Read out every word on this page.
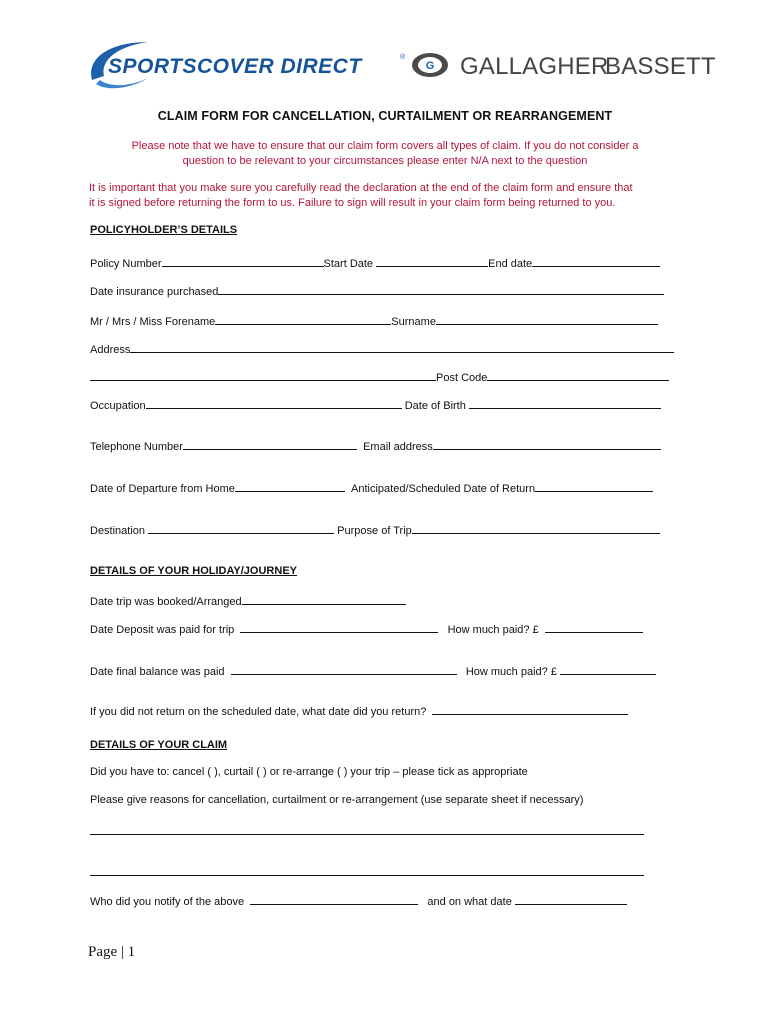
SPORTSCOVER DIRECT	®
G GALLAGHER
BASSETT
CLAIM FORM FOR CANCELLATION, CURTAILMENT OR REARRANGEMENT
Please note that we have to ensure that our claim form covers all types of claim. If you do not consider a
question to be relevant to your circumstances please enter N/A next to the question
It is important that you make sure you carefully read the declaration at the end of the claim form and ensure that
it is signed before returning the form to us. Failure to sign will result in your claim form being returned to you.
POLICYHOLDER’S DETAILS
Policy Number	Start Date	End date
Date insurance purchased
Mr / Mrs / Miss Forename	Surname
Address
Post Code
Occupation	Date of Birth
Telephone Number	Email address
Date of Departure from Home	Anticipated/Scheduled Date of Return
Destination	Purpose of Trip
DETAILS OF YOUR HOLIDAY/JOURNEY
Date trip was booked/Arranged
Date Deposit was paid for trip	How much paid? £
Date final balance was paid	How much paid? £
If you did not return on the scheduled date, what date did you return?
DETAILS OF YOUR CLAIM
Did you have to: cancel ( ), curtail ( ) or re-arrange ( ) your trip – please tick as appropriate
Please give reasons for cancellation, curtailment or re-arrangement (use separate sheet if necessary)
Who did you notify of the above	and on what date
Page | 1
